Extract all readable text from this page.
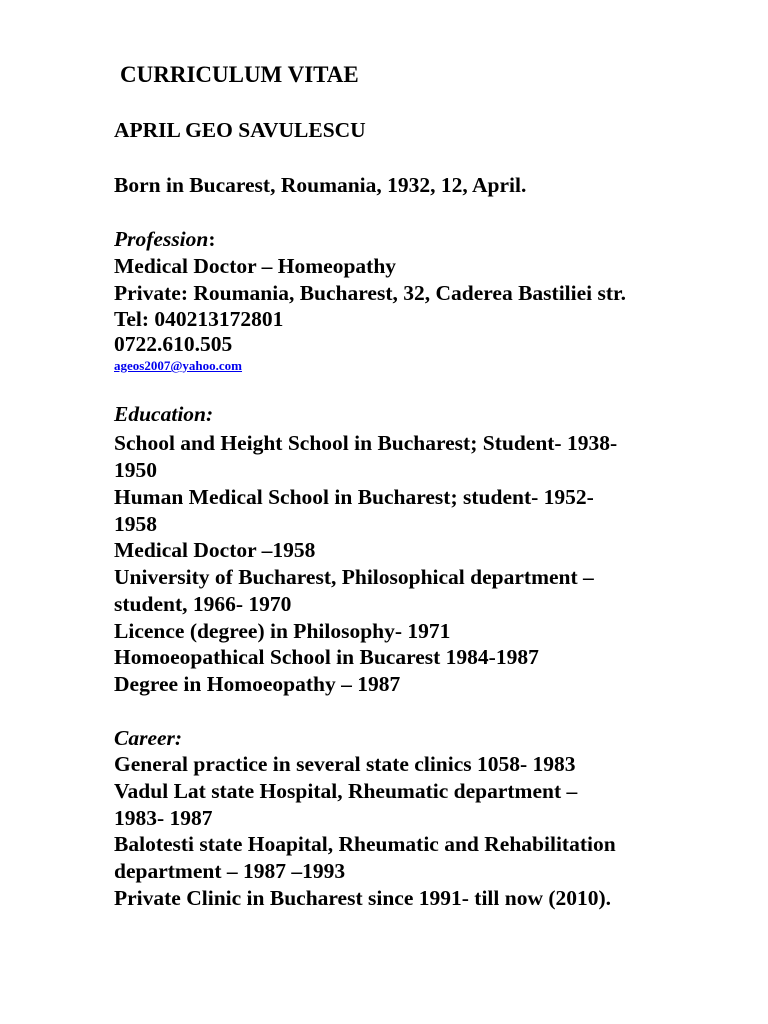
CURRICULUM VITAE

APRIL GEO SAVULESCU

Born in Bucarest, Roumania, 1932, 12, April.

Profession:

Medical Doctor – Homeopathy

Private: Roumania, Bucharest, 32, Caderea Bastiliei str.

Tel: 040213172801

0722.610.505

ageos2007@yahoo.com

Education:

School and Height School in Bucharest; Student- 1938-

1950

Human Medical School in Bucharest; student- 1952-

1958

Medical Doctor –1958

University of Bucharest, Philosophical department –

student, 1966- 1970

Licence (degree) in Philosophy- 1971

Homoeopathical School in Bucarest 1984-1987

Degree in Homoeopathy – 1987

Career:

General practice in several state clinics 1058- 1983

Vadul Lat state Hospital, Rheumatic department –

1983- 1987

Balotesti state Hoapital, Rheumatic and Rehabilitation

department – 1987 –1993

Private Clinic in Bucharest since 1991- till now (2010).
